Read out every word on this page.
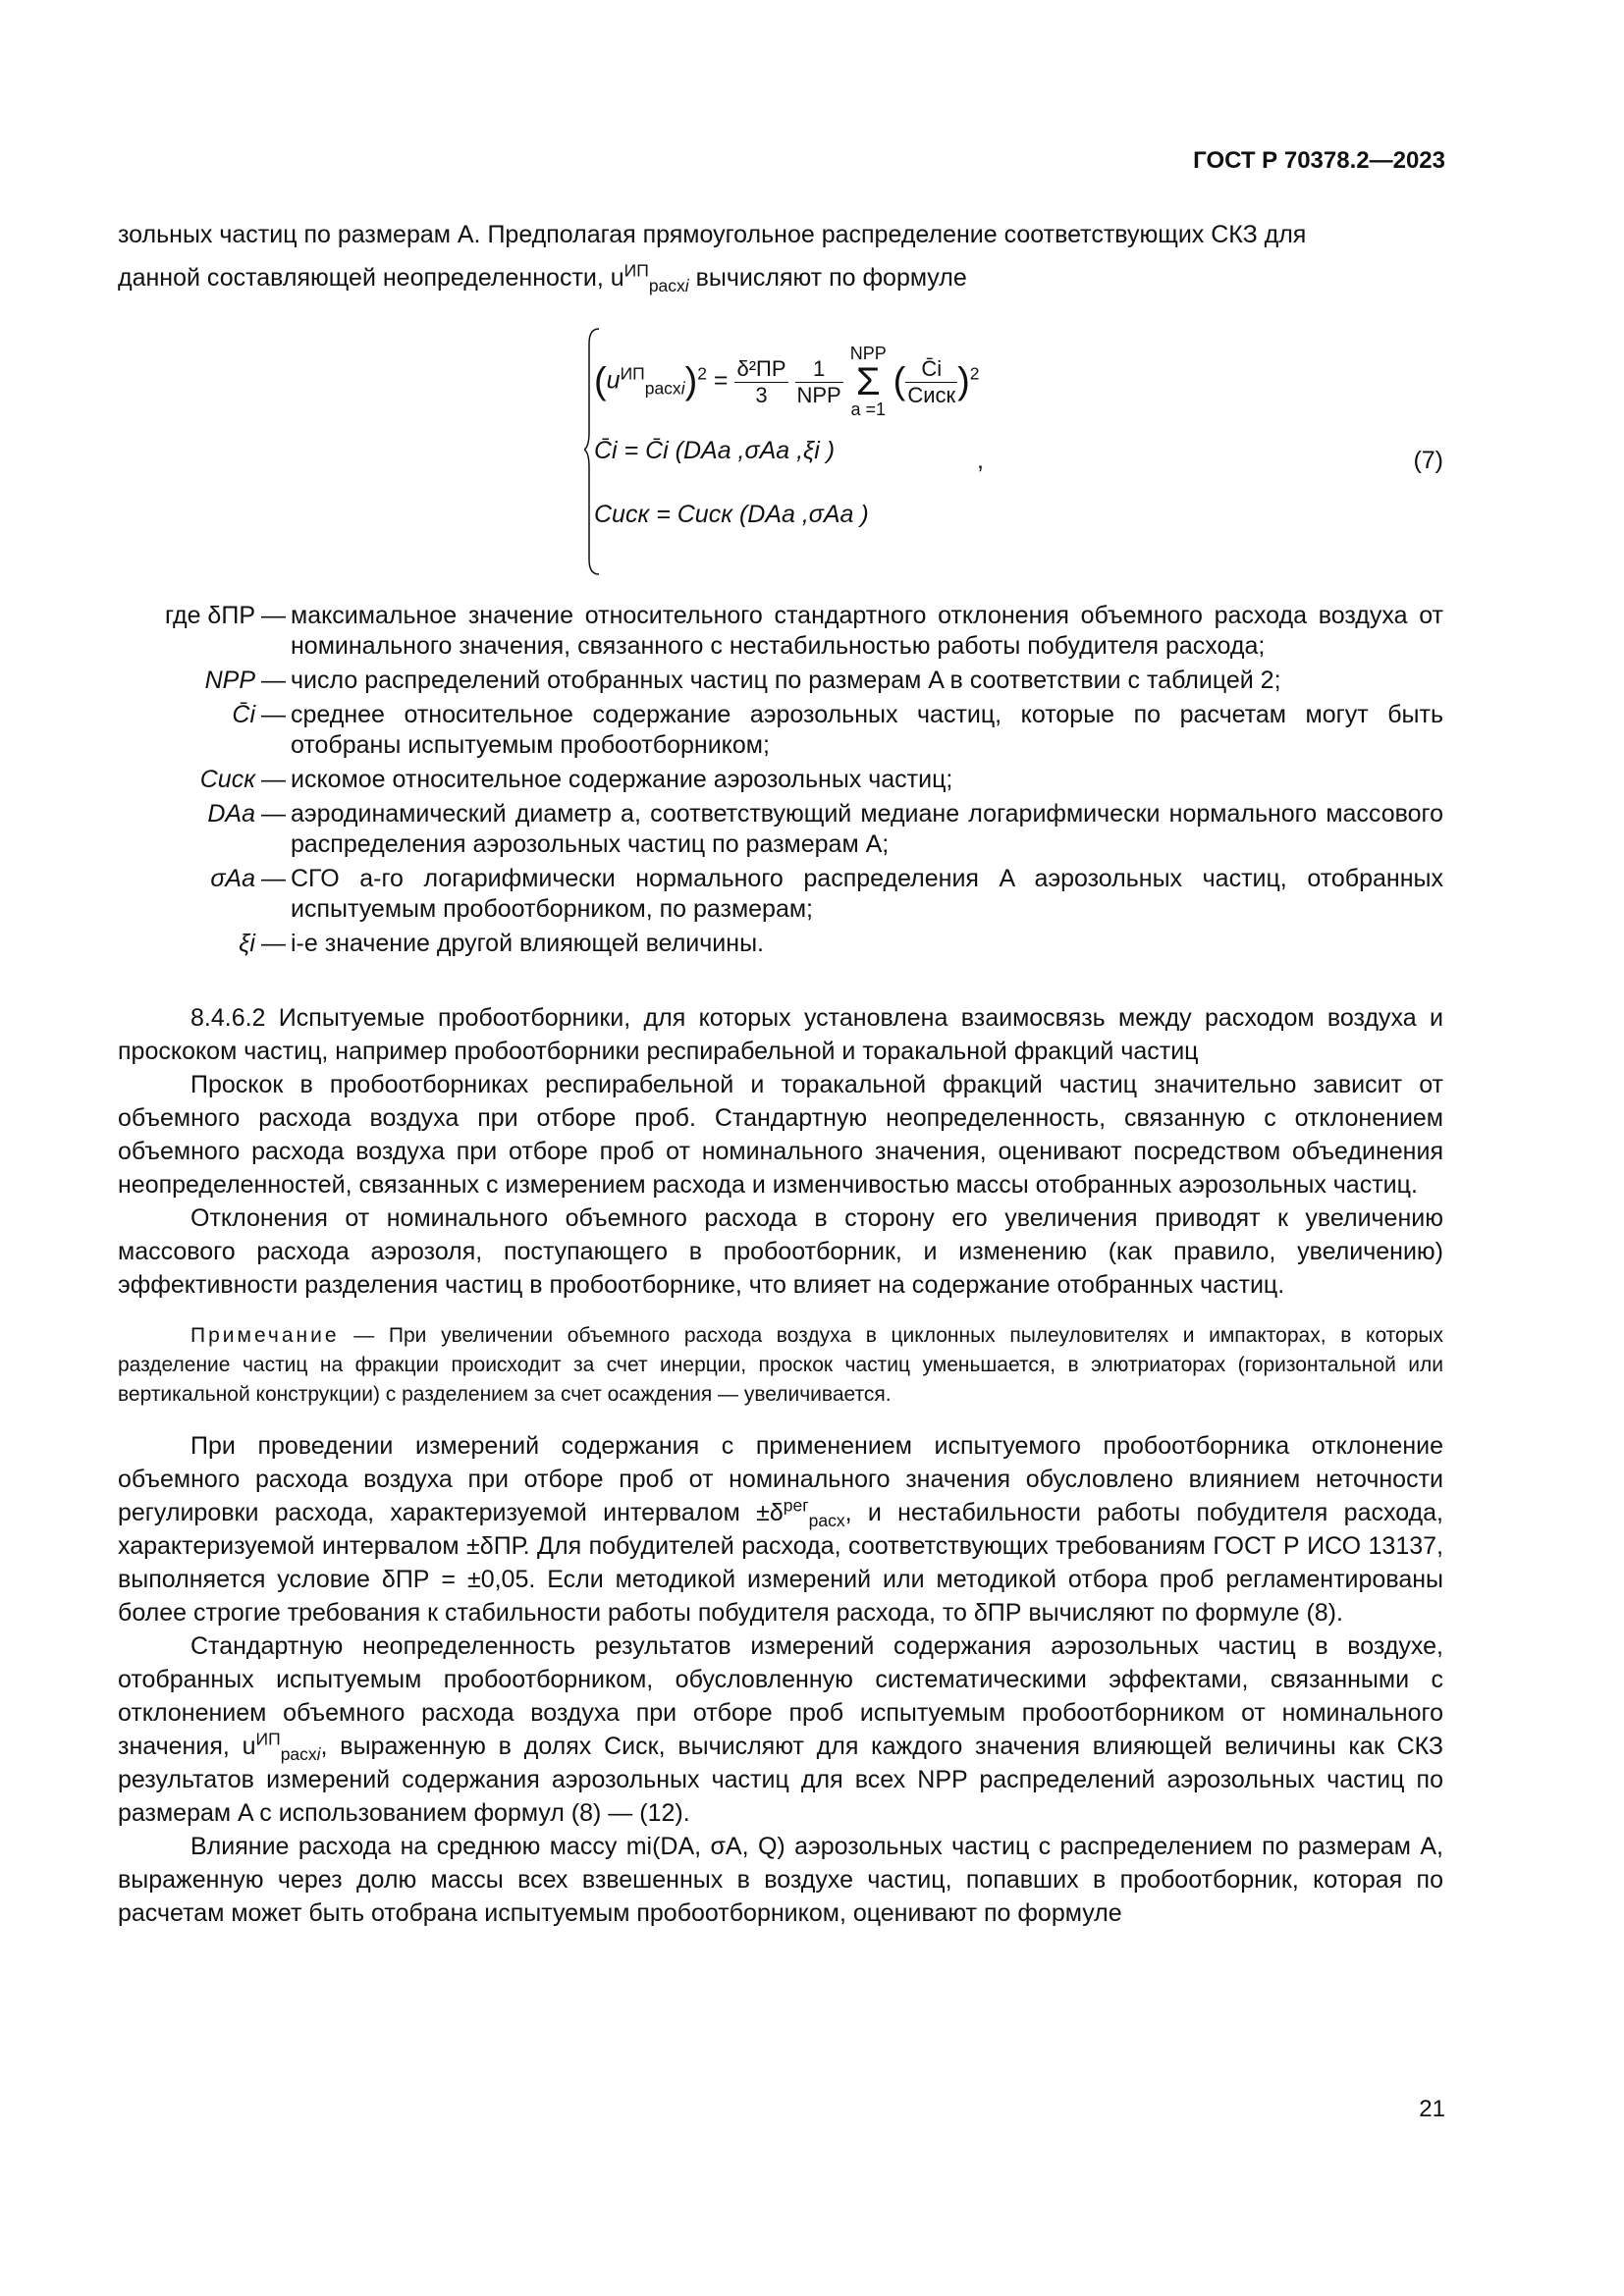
ГОСТ Р 70378.2—2023

зольных частиц по размерам A. Предполагая прямоугольное распределение соответствующих СКЗ для

данной составляющей неопределенности, $u^{ИП}_{расхi}$ вычисляют по формуле

$(u^{ИП}_{расхi})^2 = \frac{\text{δ²ПР}}{3}$
$\frac{1}{\text{NPP}}$

NPP
Σ
a =1
( $\frac{C̄i}{\text{Cиск}} )^2$
C̄i = C̄i (DAa ,σAa ,ξi )
Cиск = Cиск (DAa ,σAa )
,	(7)
где δПР — максимальное значение относительного стандартного отклонения объемного расхода воздуха от номинального значения, связанного с нестабильностью работы побудителя расхода;
NPP — число распределений отобранных частиц по размерам A в соответствии с таблицей 2;
C̄i — среднее относительное содержание аэрозольных частиц, которые по расчетам могут быть отобраны испытуемым пробоотборником;
Cиск — искомое относительное содержание аэрозольных частиц;
DAa — аэродинамический диаметр a, соответствующий медиане логарифмически нормального массового распределения аэрозольных частиц по размерам A;
σAa — СГО a-го логарифмически нормального распределения A аэрозольных частиц, отобранных испытуемым пробоотборником, по размерам;
ξi — i-е значение другой влияющей величины.

8.4.6.2 Испытуемые пробоотборники, для которых установлена взаимосвязь между расходом воздуха и проскоком частиц, например пробоотборники респирабельной и торакальной фракций частиц

Проскок в пробоотборниках респирабельной и торакальной фракций частиц значительно зависит от объемного расхода воздуха при отборе проб. Стандартную неопределенность, связанную с отклонением объемного расхода воздуха при отборе проб от номинального значения, оценивают посредством объединения неопределенностей, связанных с измерением расхода и изменчивостью массы отобранных аэрозольных частиц.

Отклонения от номинального объемного расхода в сторону его увеличения приводят к увеличению массового расхода аэрозоля, поступающего в пробоотборник, и изменению (как правило, увеличению) эффективности разделения частиц в пробоотборнике, что влияет на содержание отобранных частиц.

Примечание — При увеличении объемного расхода воздуха в циклонных пылеуловителях и импакторах, в которых разделение частиц на фракции происходит за счет инерции, проскок частиц уменьшается, в элютриаторах (горизонтальной или вертикальной конструкции) с разделением за счет осаждения — увеличивается.

При проведении измерений содержания с применением испытуемого пробоотборника отклонение объемного расхода воздуха при отборе проб от номинального значения обусловлено влиянием неточности регулировки расхода, характеризуемой интервалом $\pm\delta^{рег}_{расх}$, и нестабильности работы побудителя расхода, характеризуемой интервалом ±δПР. Для побудителей расхода, соответствующих требованиям ГОСТ Р ИСО 13137, выполняется условие δПР = ±0,05. Если методикой измерений или методикой отбора проб регламентированы более строгие требования к стабильности работы побудителя расхода, то δПР вычисляют по формуле (8).

Стандартную неопределенность результатов измерений содержания аэрозольных частиц в воздухе, отобранных испытуемым пробоотборником, обусловленную систематическими эффектами, связанными с отклонением объемного расхода воздуха при отборе проб испытуемым пробоотборником от номинального значения, $u^{ИП}_{расхi}$, выраженную в долях Cиск, вычисляют для каждого значения влияющей величины как СКЗ результатов измерений содержания аэрозольных частиц для всех NPP распределений аэрозольных частиц по размерам A с использованием формул (8) — (12).

Влияние расхода на среднюю массу mi(DA, σA, Q) аэрозольных частиц с распределением по размерам A, выраженную через долю массы всех взвешенных в воздухе частиц, попавших в пробоотборник, которая по расчетам может быть отобрана испытуемым пробоотборником, оценивают по формуле

21
